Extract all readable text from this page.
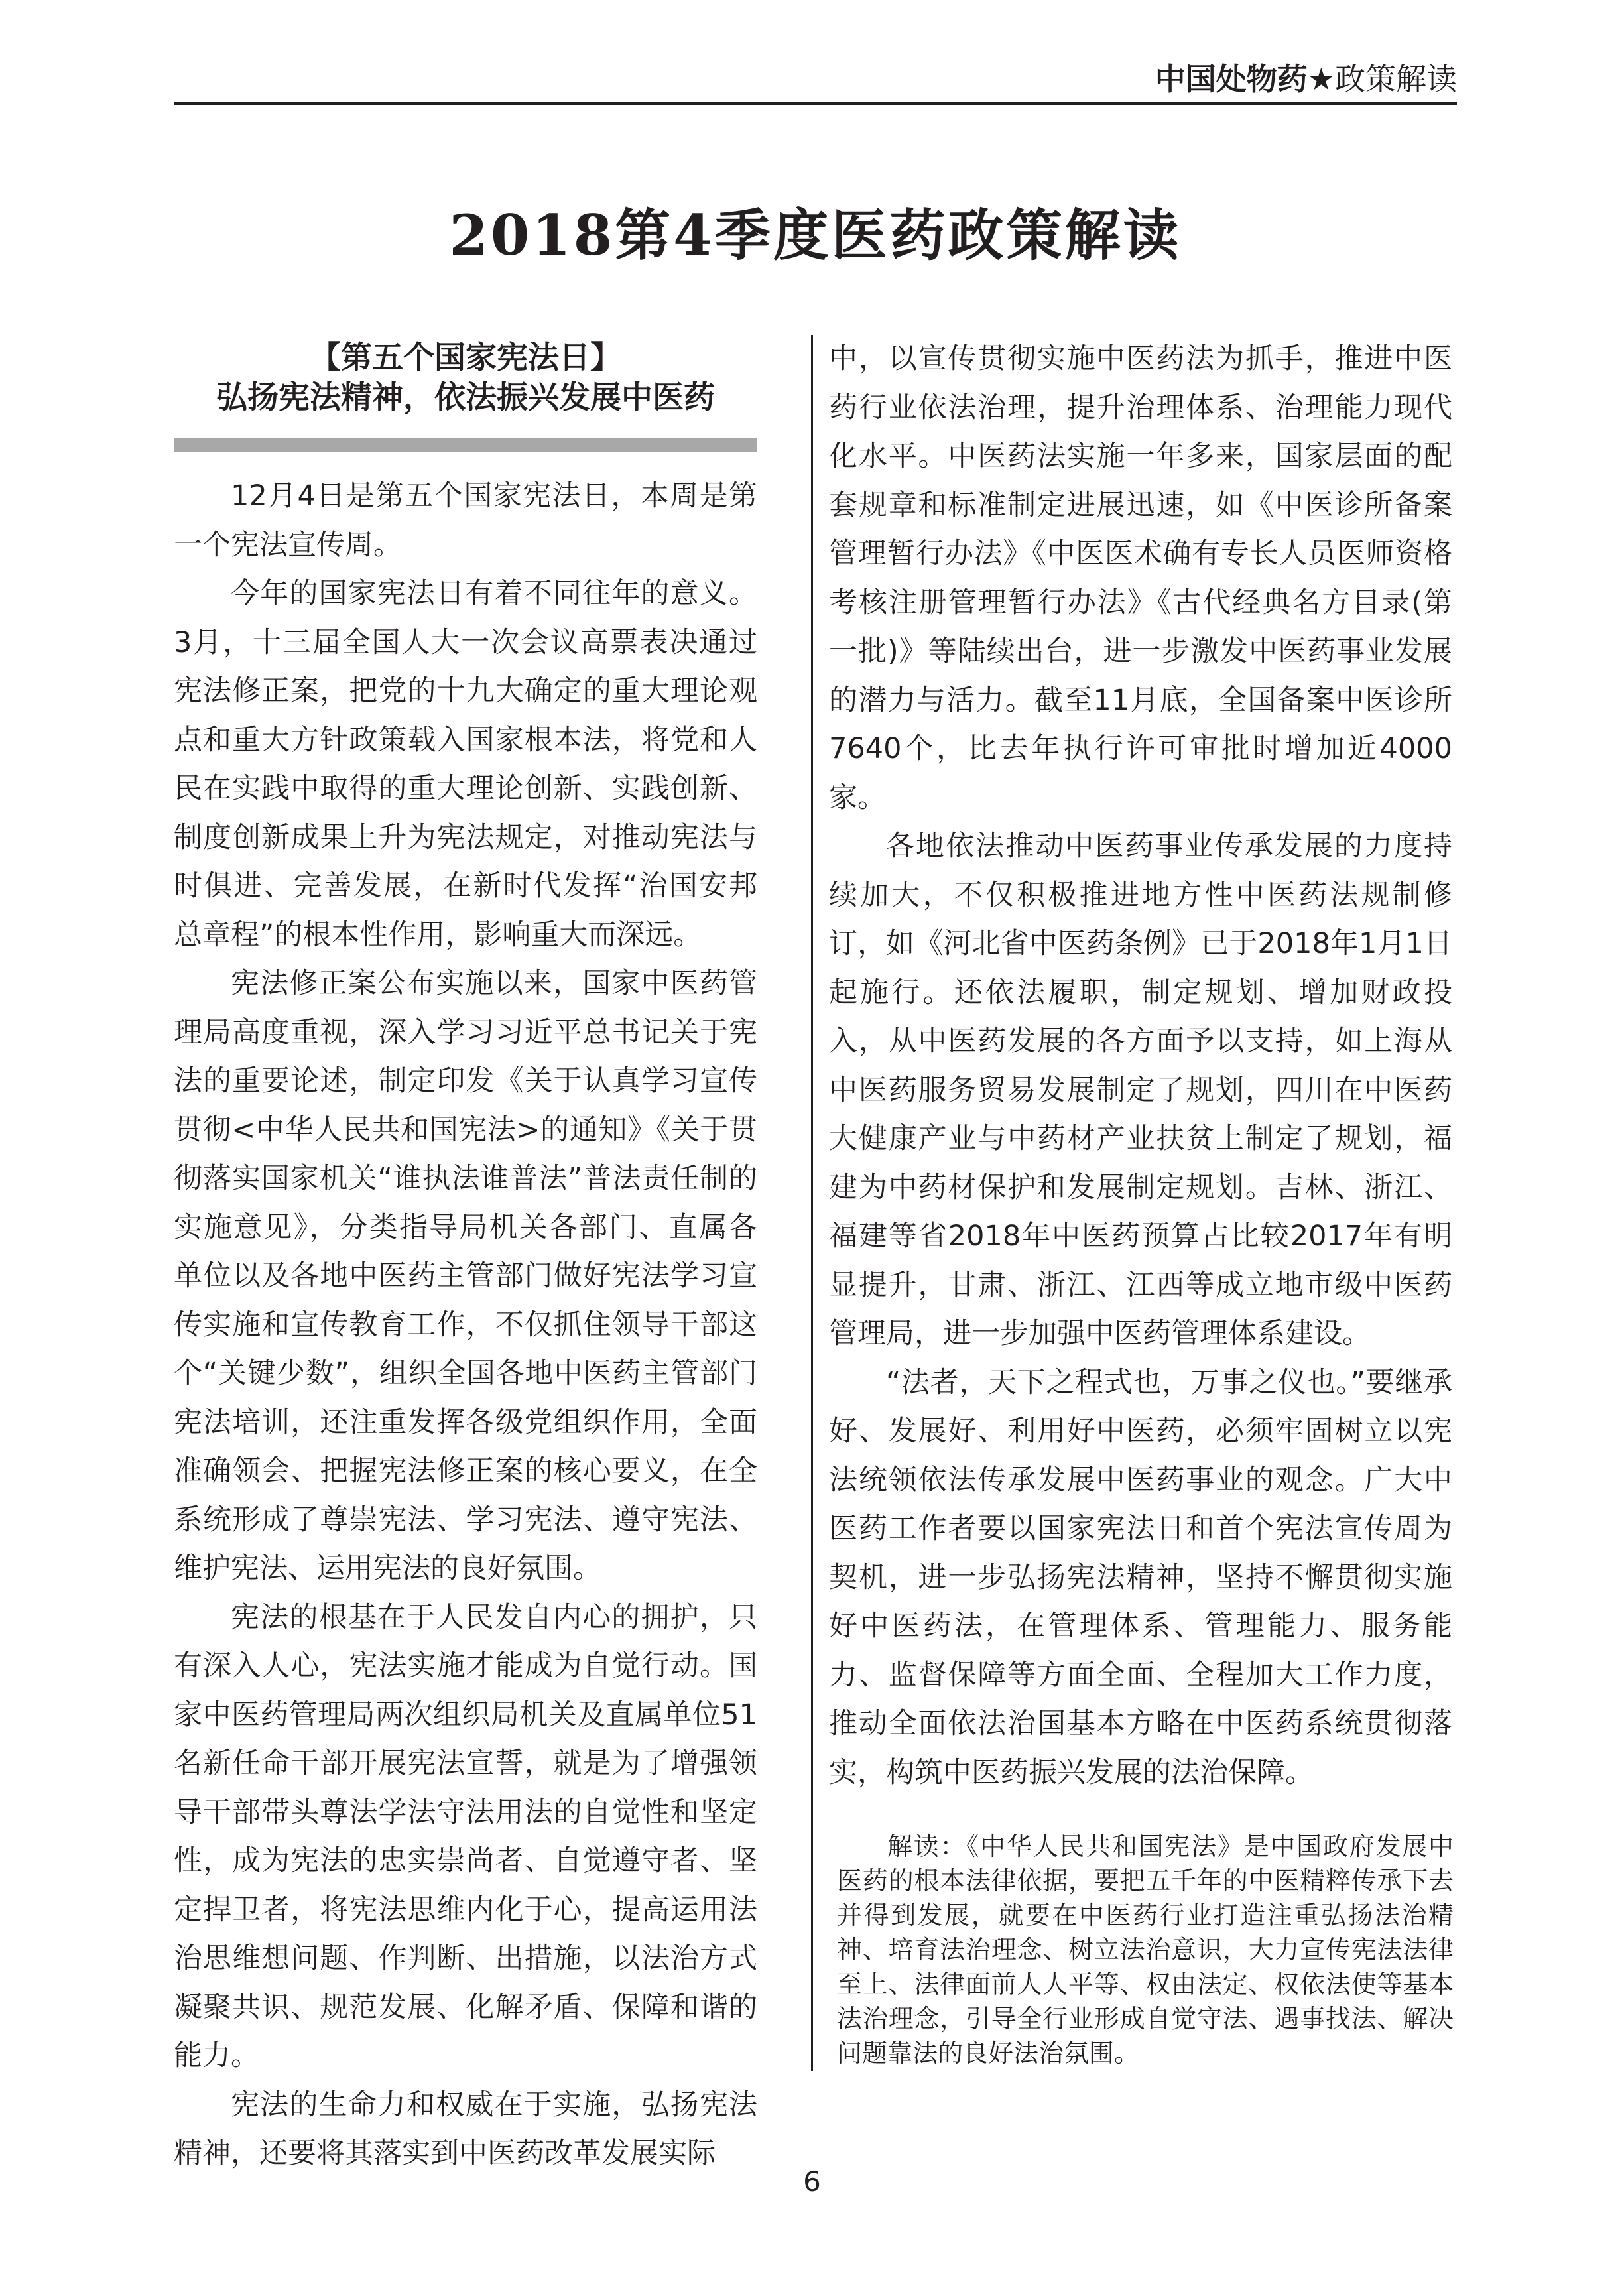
中国处物药★政策解读
2018第4季度医药政策解读
【第五个国家宪法日】
弘扬宪法精神，依法振兴发展中医药

12月4日是第五个国家宪法日，本周是第一个宪法宣传周。

今年的国家宪法日有着不同往年的意义。3月，十三届全国人大一次会议高票表决通过宪法修正案，把党的十九大确定的重大理论观点和重大方针政策载入国家根本法，将党和人民在实践中取得的重大理论创新、实践创新、制度创新成果上升为宪法规定，对推动宪法与时俱进、完善发展，在新时代发挥“治国安邦总章程”的根本性作用，影响重大而深远。

宪法修正案公布实施以来，国家中医药管理局高度重视，深入学习习近平总书记关于宪法的重要论述，制定印发《关于认真学习宣传贯彻<中华人民共和国宪法>的通知》《关于贯彻落实国家机关“谁执法谁普法”普法责任制的实施意见》，分类指导局机关各部门、直属各单位以及各地中医药主管部门做好宪法学习宣传实施和宣传教育工作，不仅抓住领导干部这个“关键少数”，组织全国各地中医药主管部门宪法培训，还注重发挥各级党组织作用，全面准确领会、把握宪法修正案的核心要义，在全系统形成了尊崇宪法、学习宪法、遵守宪法、维护宪法、运用宪法的良好氛围。

宪法的根基在于人民发自内心的拥护，只有深入人心，宪法实施才能成为自觉行动。国家中医药管理局两次组织局机关及直属单位51名新任命干部开展宪法宣誓，就是为了增强领导干部带头尊法学法守法用法的自觉性和坚定性，成为宪法的忠实崇尚者、自觉遵守者、坚定捍卫者，将宪法思维内化于心，提高运用法治思维想问题、作判断、出措施，以法治方式凝聚共识、规范发展、化解矛盾、保障和谐的能力。

宪法的生命力和权威在于实施，弘扬宪法精神，还要将其落实到中医药改革发展实际

中，以宣传贯彻实施中医药法为抓手，推进中医药行业依法治理，提升治理体系、治理能力现代化水平。中医药法实施一年多来，国家层面的配套规章和标准制定进展迅速，如《中医诊所备案管理暂行办法》《中医医术确有专长人员医师资格考核注册管理暂行办法》《古代经典名方目录(第一批)》等陆续出台，进一步激发中医药事业发展的潜力与活力。截至11月底，全国备案中医诊所7640个，比去年执行许可审批时增加近4000家。

各地依法推动中医药事业传承发展的力度持续加大，不仅积极推进地方性中医药法规制修订，如《河北省中医药条例》已于2018年1月1日起施行。还依法履职，制定规划、增加财政投入，从中医药发展的各方面予以支持，如上海从中医药服务贸易发展制定了规划，四川在中医药大健康产业与中药材产业扶贫上制定了规划，福建为中药材保护和发展制定规划。吉林、浙江、福建等省2018年中医药预算占比较2017年有明显提升，甘肃、浙江、江西等成立地市级中医药管理局，进一步加强中医药管理体系建设。

“法者，天下之程式也，万事之仪也。”要继承好、发展好、利用好中医药，必须牢固树立以宪法统领依法传承发展中医药事业的观念。广大中医药工作者要以国家宪法日和首个宪法宣传周为契机，进一步弘扬宪法精神，坚持不懈贯彻实施好中医药法，在管理体系、管理能力、服务能力、监督保障等方面全面、全程加大工作力度，推动全面依法治国基本方略在中医药系统贯彻落实，构筑中医药振兴发展的法治保障。

解读：《中华人民共和国宪法》是中国政府发展中医药的根本法律依据，要把五千年的中医精粹传承下去并得到发展，就要在中医药行业打造注重弘扬法治精神、培育法治理念、树立法治意识，大力宣传宪法法律至上、法律面前人人平等、权由法定、权依法使等基本法治理念，引导全行业形成自觉守法、遇事找法、解决问题靠法的良好法治氛围。

6
